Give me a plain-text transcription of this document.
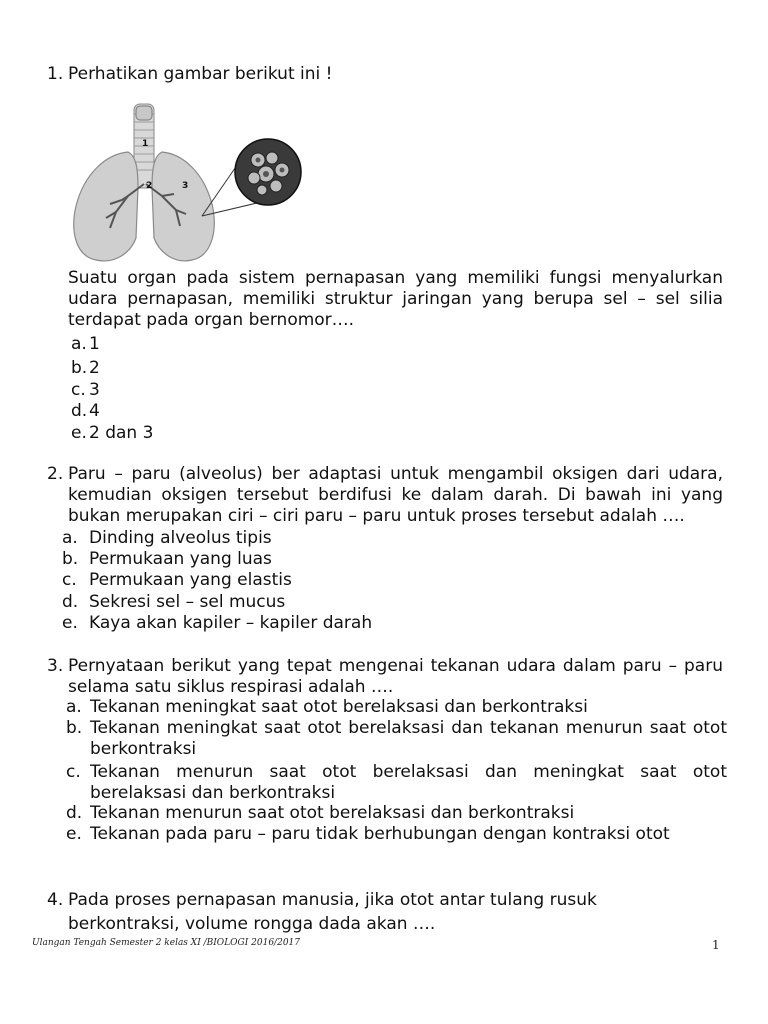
1. Perhatikan gambar berikut ini !
1
2	3
Suatu organ pada sistem pernapasan yang memiliki fungsi menyalurkan udara pernapasan, memiliki struktur jaringan yang berupa sel – sel silia terdapat pada organ bernomor….
a. 1
b. 2
c. 3
d. 4
e. 2 dan 3
2. Paru – paru (alveolus) ber adaptasi untuk mengambil oksigen dari udara, kemudian oksigen tersebut berdifusi ke dalam darah. Di bawah ini yang bukan merupakan ciri – ciri paru – paru untuk proses tersebut adalah ….
a. Dinding alveolus tipis
b. Permukaan yang luas
c. Permukaan yang elastis
d. Sekresi sel – sel mucus
e. Kaya akan kapiler – kapiler darah
3. Pernyataan berikut yang tepat mengenai tekanan udara dalam paru – paru selama satu siklus respirasi adalah ….
a. Tekanan meningkat saat otot berelaksasi dan berkontraksi
b. Tekanan meningkat saat otot berelaksasi dan tekanan menurun saat otot berkontraksi
c. Tekanan menurun saat otot berelaksasi dan meningkat saat otot berelaksasi dan berkontraksi
d. Tekanan menurun saat otot berelaksasi dan berkontraksi
e. Tekanan pada paru – paru tidak berhubungan dengan kontraksi otot
4. Pada proses pernapasan manusia, jika otot antar tulang rusuk
berkontraksi, volume rongga dada akan ….
Ulangan Tengah Semester 2 kelas XI /BIOLOGI 2016/2017	1
